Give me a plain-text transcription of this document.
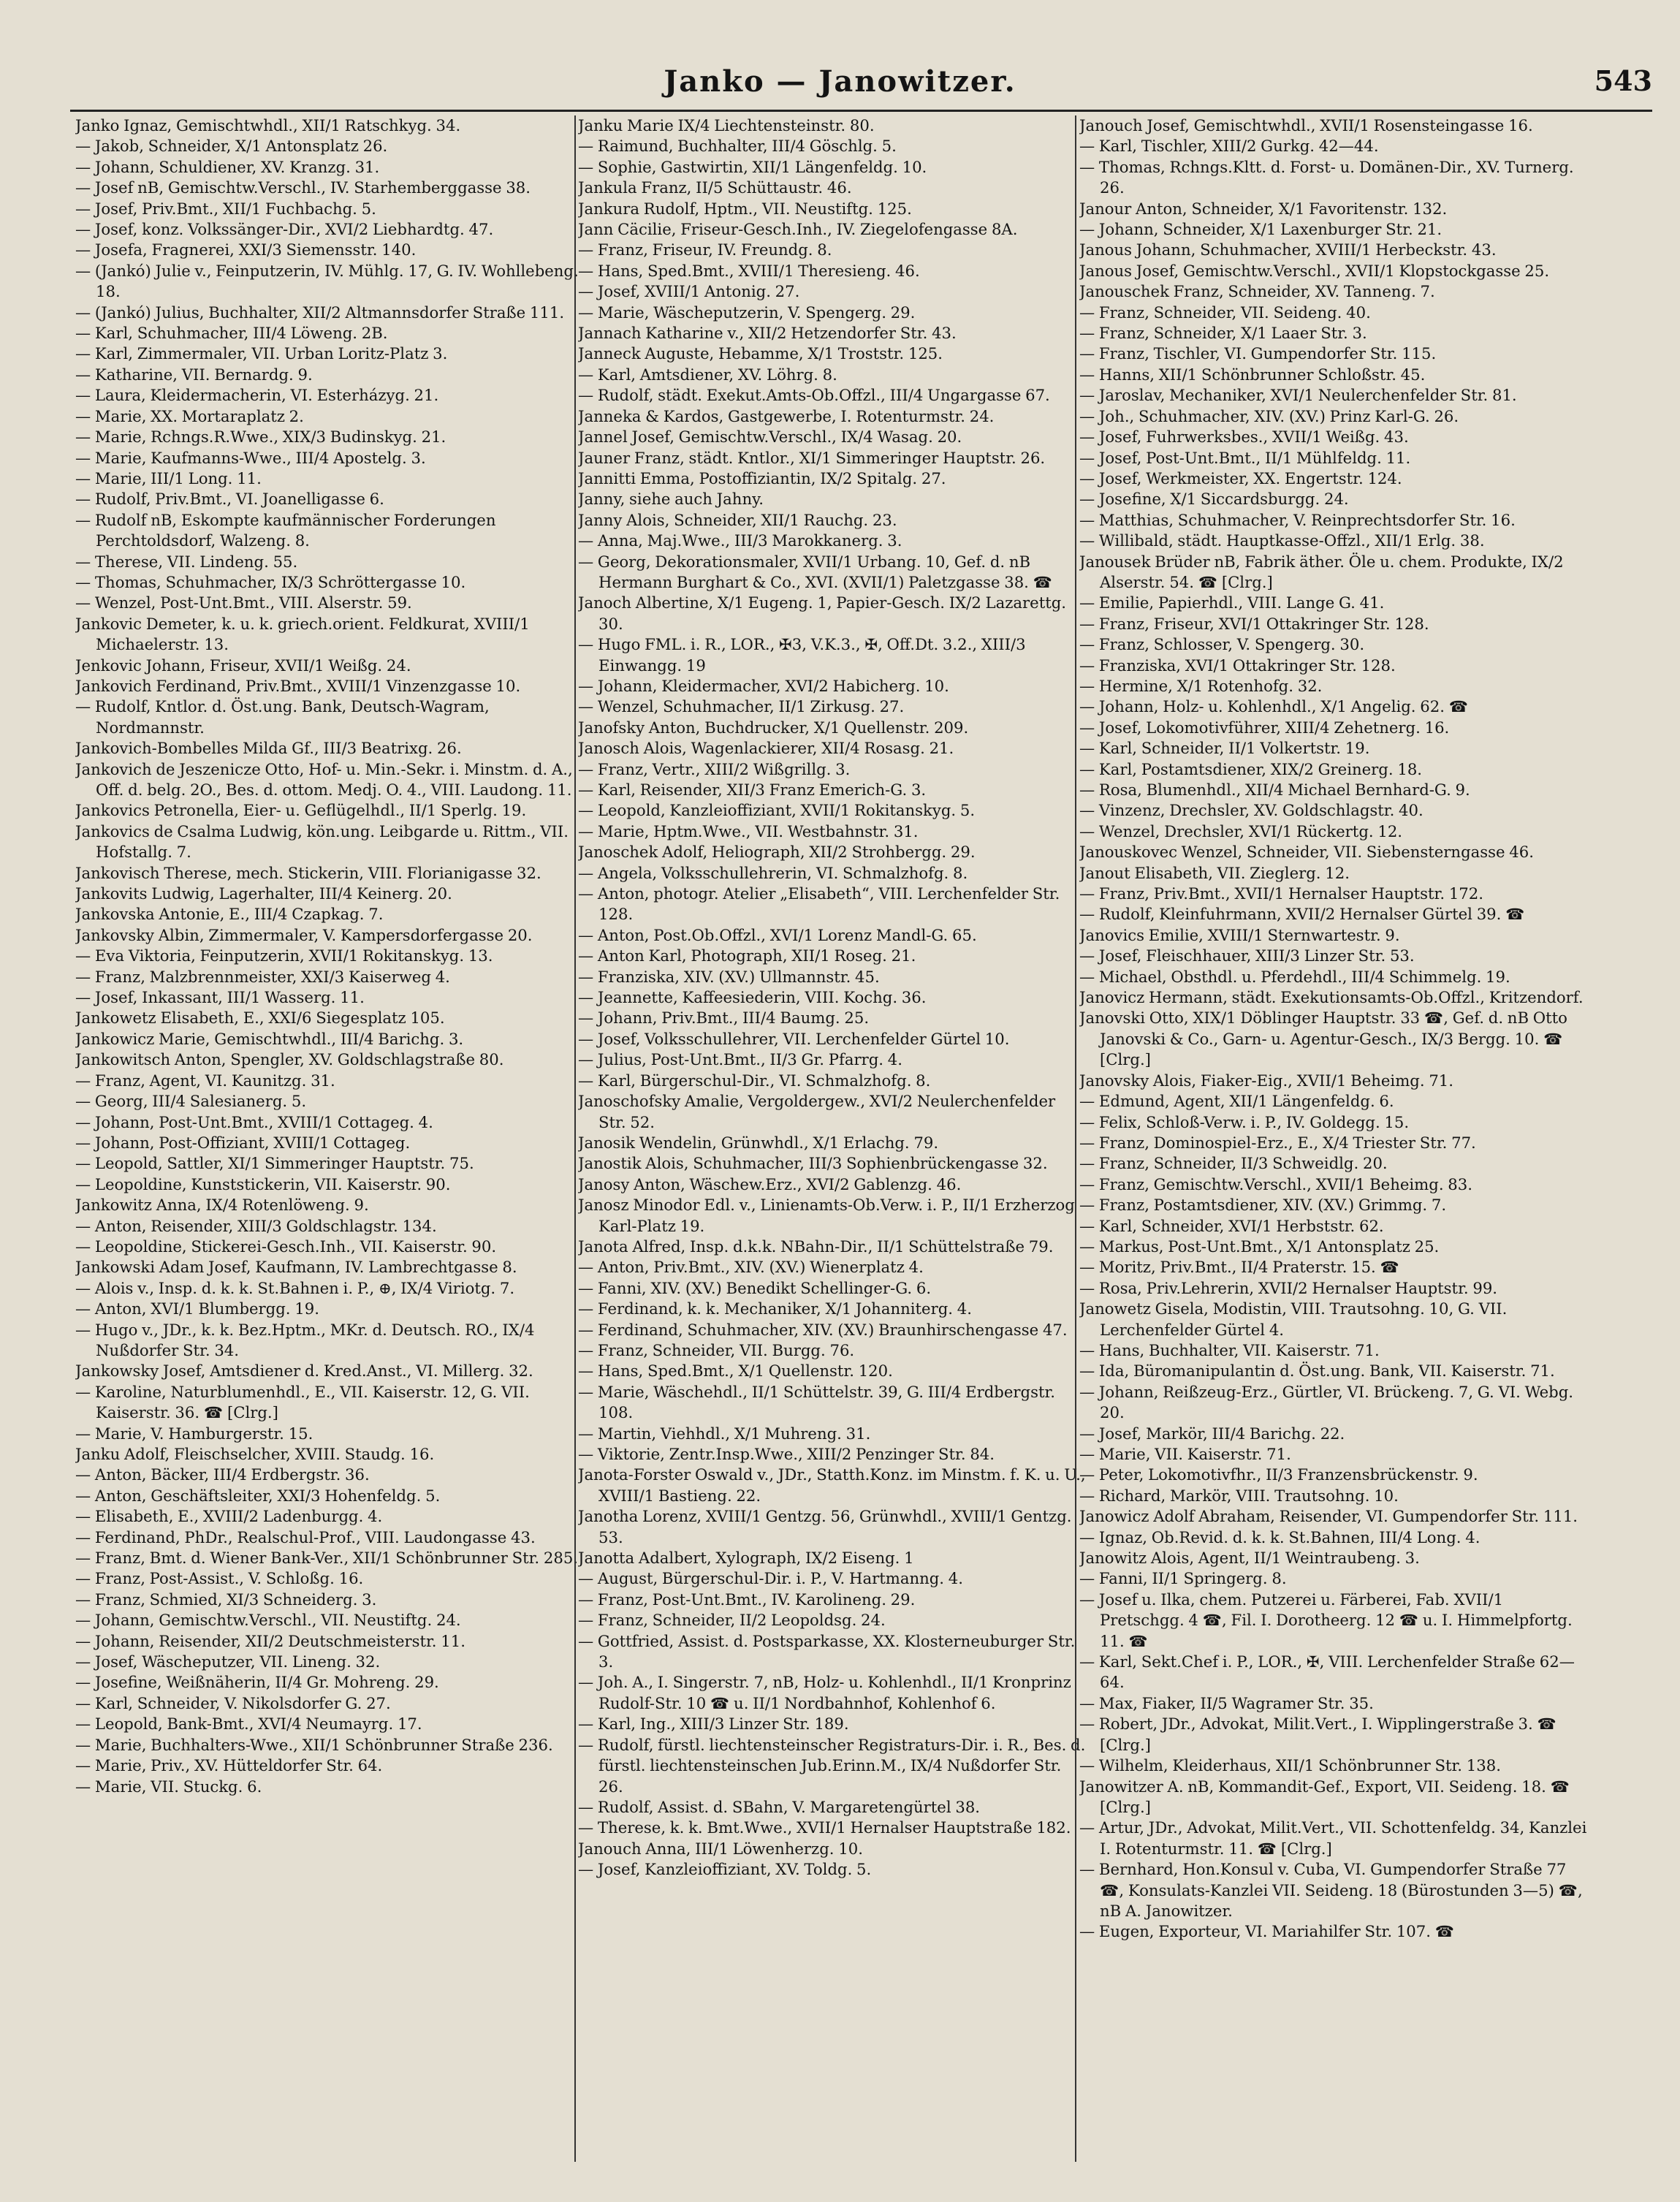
Janko — Janowitzer.	543

Janko Ignaz, Gemischtwhdl., XII/1 Ratschkyg. 34.

— Jakob, Schneider, X/1 Antonsplatz 26.

— Johann, Schuldiener, XV. Kranzg. 31.

— Josef nB, Gemischtw.Verschl., IV. Starhemberggasse 38.

— Josef, Priv.Bmt., XII/1 Fuchbachg. 5.

— Josef, konz. Volkssänger-Dir., XVI/2 Liebhardtg. 47.

— Josefa, Fragnerei, XXI/3 Siemensstr. 140.

— (Jankó) Julie v., Feinputzerin, IV. Mühlg. 17, G. IV. Wohllebeng. 18.

— (Jankó) Julius, Buchhalter, XII/2 Altmannsdorfer Straße 111.

— Karl, Schuhmacher, III/4 Löweng. 2B.

— Karl, Zimmermaler, VII. Urban Loritz-Platz 3.

— Katharine, VII. Bernardg. 9.

— Laura, Kleidermacherin, VI. Esterházyg. 21.

— Marie, XX. Mortaraplatz 2.

— Marie, Rchngs.R.Wwe., XIX/3 Budinskyg. 21.

— Marie, Kaufmanns-Wwe., III/4 Apostelg. 3.

— Marie, III/1 Long. 11.

— Rudolf, Priv.Bmt., VI. Joanelligasse 6.

— Rudolf nB, Eskompte kaufmännischer Forderungen Perchtoldsdorf, Walzeng. 8.

— Therese, VII. Lindeng. 55.

— Thomas, Schuhmacher, IX/3 Schröttergasse 10.

— Wenzel, Post-Unt.Bmt., VIII. Alserstr. 59.

Jankovic Demeter, k. u. k. griech.orient. Feldkurat, XVIII/1 Michaelerstr. 13.

Jenkovic Johann, Friseur, XVII/1 Weißg. 24.

Jankovich Ferdinand, Priv.Bmt., XVIII/1 Vinzenzgasse 10.

— Rudolf, Kntlor. d. Öst.ung. Bank, Deutsch-Wagram, Nordmannstr.

Jankovich-Bombelles Milda Gf., III/3 Beatrixg. 26.

Jankovich de Jeszenicze Otto, Hof- u. Min.-Sekr. i. Minstm. d. A., Off. d. belg. 2O., Bes. d. ottom. Medj. O. 4., VIII. Laudong. 11.

Jankovics Petronella, Eier- u. Geflügelhdl., II/1 Sperlg. 19.

Jankovics de Csalma Ludwig, kön.ung. Leibgarde u. Rittm., VII. Hofstallg. 7.

Jankovisch Therese, mech. Stickerin, VIII. Florianigasse 32.

Jankovits Ludwig, Lagerhalter, III/4 Keinerg. 20.

Jankovska Antonie, E., III/4 Czapkag. 7.

Jankovsky Albin, Zimmermaler, V. Kampersdorfergasse 20.

— Eva Viktoria, Feinputzerin, XVII/1 Rokitanskyg. 13.

— Franz, Malzbrennmeister, XXI/3 Kaiserweg 4.

— Josef, Inkassant, III/1 Wasserg. 11.

Jankowetz Elisabeth, E., XXI/6 Siegesplatz 105.

Jankowicz Marie, Gemischtwhdl., III/4 Barichg. 3.

Jankowitsch Anton, Spengler, XV. Goldschlagstraße 80.

— Franz, Agent, VI. Kaunitzg. 31.

— Georg, III/4 Salesianerg. 5.

— Johann, Post-Unt.Bmt., XVIII/1 Cottageg. 4.

— Johann, Post-Offiziant, XVIII/1 Cottageg.

— Leopold, Sattler, XI/1 Simmeringer Hauptstr. 75.

— Leopoldine, Kunststickerin, VII. Kaiserstr. 90.

Jankowitz Anna, IX/4 Rotenlöweng. 9.

— Anton, Reisender, XIII/3 Goldschlagstr. 134.

— Leopoldine, Stickerei-Gesch.Inh., VII. Kaiserstr. 90.

Jankowski Adam Josef, Kaufmann, IV. Lambrechtgasse 8.

— Alois v., Insp. d. k. k. St.Bahnen i. P., ⊕, IX/4 Viriotg. 7.

— Anton, XVI/1 Blumbergg. 19.

— Hugo v., JDr., k. k. Bez.Hptm., MKr. d. Deutsch. RO., IX/4 Nußdorfer Str. 34.

Jankowsky Josef, Amtsdiener d. Kred.Anst., VI. Millerg. 32.

— Karoline, Naturblumenhdl., E., VII. Kaiserstr. 12, G. VII. Kaiserstr. 36. ☎ [Clrg.]

— Marie, V. Hamburgerstr. 15.

Janku Adolf, Fleischselcher, XVIII. Staudg. 16.

— Anton, Bäcker, III/4 Erdbergstr. 36.

— Anton, Geschäftsleiter, XXI/3 Hohenfeldg. 5.

— Elisabeth, E., XVIII/2 Ladenburgg. 4.

— Ferdinand, PhDr., Realschul-Prof., VIII. Laudongasse 43.

— Franz, Bmt. d. Wiener Bank-Ver., XII/1 Schönbrunner Str. 285.

— Franz, Post-Assist., V. Schloßg. 16.

— Franz, Schmied, XI/3 Schneiderg. 3.

— Johann, Gemischtw.Verschl., VII. Neustiftg. 24.

— Johann, Reisender, XII/2 Deutschmeisterstr. 11.

— Josef, Wäscheputzer, VII. Lineng. 32.

— Josefine, Weißnäherin, II/4 Gr. Mohreng. 29.

— Karl, Schneider, V. Nikolsdorfer G. 27.

— Leopold, Bank-Bmt., XVI/4 Neumayrg. 17.

— Marie, Buchhalters-Wwe., XII/1 Schönbrunner Straße 236.

— Marie, Priv., XV. Hütteldorfer Str. 64.

— Marie, VII. Stuckg. 6.

Janku Marie IX/4 Liechtensteinstr. 80.

— Raimund, Buchhalter, III/4 Göschlg. 5.

— Sophie, Gastwirtin, XII/1 Längenfeldg. 10.

Jankula Franz, II/5 Schüttaustr. 46.

Jankura Rudolf, Hptm., VII. Neustiftg. 125.

Jann Cäcilie, Friseur-Gesch.Inh., IV. Ziegelofengasse 8A.

— Franz, Friseur, IV. Freundg. 8.

— Hans, Sped.Bmt., XVIII/1 Theresieng. 46.

— Josef, XVIII/1 Antonig. 27.

— Marie, Wäscheputzerin, V. Spengerg. 29.

Jannach Katharine v., XII/2 Hetzendorfer Str. 43.

Janneck Auguste, Hebamme, X/1 Troststr. 125.

— Karl, Amtsdiener, XV. Löhrg. 8.

— Rudolf, städt. Exekut.Amts-Ob.Offzl., III/4 Ungargasse 67.

Janneka & Kardos, Gastgewerbe, I. Rotenturmstr. 24.

Jannel Josef, Gemischtw.Verschl., IX/4 Wasag. 20.

Jauner Franz, städt. Kntlor., XI/1 Simmeringer Hauptstr. 26.

Jannitti Emma, Postoffiziantin, IX/2 Spitalg. 27.

Janny, siehe auch Jahny.

Janny Alois, Schneider, XII/1 Rauchg. 23.

— Anna, Maj.Wwe., III/3 Marokkanerg. 3.

— Georg, Dekorationsmaler, XVII/1 Urbang. 10, Gef. d. nB Hermann Burghart & Co., XVI. (XVII/1) Paletzgasse 38. ☎

Janoch Albertine, X/1 Eugeng. 1, Papier-Gesch. IX/2 Lazarettg. 30.

— Hugo FML. i. R., LOR., ✠3, V.K.3., ✠, Off.Dt. 3.2., XIII/3 Einwangg. 19

— Johann, Kleidermacher, XVI/2 Habicherg. 10.

— Wenzel, Schuhmacher, II/1 Zirkusg. 27.

Janofsky Anton, Buchdrucker, X/1 Quellenstr. 209.

Janosch Alois, Wagenlackierer, XII/4 Rosasg. 21.

— Franz, Vertr., XIII/2 Wißgrillg. 3.

— Karl, Reisender, XII/3 Franz Emerich-G. 3.

— Leopold, Kanzleioffiziant, XVII/1 Rokitanskyg. 5.

— Marie, Hptm.Wwe., VII. Westbahnstr. 31.

Janoschek Adolf, Heliograph, XII/2 Strohbergg. 29.

— Angela, Volksschullehrerin, VI. Schmalzhofg. 8.

— Anton, photogr. Atelier „Elisabeth“, VIII. Lerchenfelder Str. 128.

— Anton, Post.Ob.Offzl., XVI/1 Lorenz Mandl-G. 65.

— Anton Karl, Photograph, XII/1 Roseg. 21.

— Franziska, XIV. (XV.) Ullmannstr. 45.

— Jeannette, Kaffeesiederin, VIII. Kochg. 36.

— Johann, Priv.Bmt., III/4 Baumg. 25.

— Josef, Volksschullehrer, VII. Lerchenfelder Gürtel 10.

— Julius, Post-Unt.Bmt., II/3 Gr. Pfarrg. 4.

— Karl, Bürgerschul-Dir., VI. Schmalzhofg. 8.

Janoschofsky Amalie, Vergoldergew., XVI/2 Neulerchenfelder Str. 52.

Janosik Wendelin, Grünwhdl., X/1 Erlachg. 79.

Janostik Alois, Schuhmacher, III/3 Sophienbrückengasse 32.

Janosy Anton, Wäschew.Erz., XVI/2 Gablenzg. 46.

Janosz Minodor Edl. v., Linienamts-Ob.Verw. i. P., II/1 Erzherzog Karl-Platz 19.

Janota Alfred, Insp. d.k.k. NBahn-Dir., II/1 Schüttelstraße 79.

— Anton, Priv.Bmt., XIV. (XV.) Wienerplatz 4.

— Fanni, XIV. (XV.) Benedikt Schellinger-G. 6.

— Ferdinand, k. k. Mechaniker, X/1 Johanniterg. 4.

— Ferdinand, Schuhmacher, XIV. (XV.) Braunhirschengasse 47.

— Franz, Schneider, VII. Burgg. 76.

— Hans, Sped.Bmt., X/1 Quellenstr. 120.

— Marie, Wäschehdl., II/1 Schüttelstr. 39, G. III/4 Erdbergstr. 108.

— Martin, Viehhdl., X/1 Muhreng. 31.

— Viktorie, Zentr.Insp.Wwe., XIII/2 Penzinger Str. 84.

Janota-Forster Oswald v., JDr., Statth.Konz. im Minstm. f. K. u. U., XVIII/1 Bastieng. 22.

Janotha Lorenz, XVIII/1 Gentzg. 56, Grünwhdl., XVIII/1 Gentzg. 53.

Janotta Adalbert, Xylograph, IX/2 Eiseng. 1

— August, Bürgerschul-Dir. i. P., V. Hartmanng. 4.

— Franz, Post-Unt.Bmt., IV. Karolineng. 29.

— Franz, Schneider, II/2 Leopoldsg. 24.

— Gottfried, Assist. d. Postsparkasse, XX. Klosterneuburger Str. 3.

— Joh. A., I. Singerstr. 7, nB, Holz- u. Kohlenhdl., II/1 Kronprinz Rudolf-Str. 10 ☎ u. II/1 Nordbahnhof, Kohlenhof 6.

— Karl, Ing., XIII/3 Linzer Str. 189.

— Rudolf, fürstl. liechtensteinscher Registraturs-Dir. i. R., Bes. d. fürstl. liechtensteinschen Jub.Erinn.M., IX/4 Nußdorfer Str. 26.

— Rudolf, Assist. d. SBahn, V. Margaretengürtel 38.

— Therese, k. k. Bmt.Wwe., XVII/1 Hernalser Hauptstraße 182.

Janouch Anna, III/1 Löwenherzg. 10.

— Josef, Kanzleioffiziant, XV. Toldg. 5.

Janouch Josef, Gemischtwhdl., XVII/1 Rosensteingasse 16.

— Karl, Tischler, XIII/2 Gurkg. 42—44.

— Thomas, Rchngs.Kltt. d. Forst- u. Domänen-Dir., XV. Turnerg. 26.

Janour Anton, Schneider, X/1 Favoritenstr. 132.

— Johann, Schneider, X/1 Laxenburger Str. 21.

Janous Johann, Schuhmacher, XVIII/1 Herbeckstr. 43.

Janous Josef, Gemischtw.Verschl., XVII/1 Klopstockgasse 25.

Janouschek Franz, Schneider, XV. Tanneng. 7.

— Franz, Schneider, VII. Seideng. 40.

— Franz, Schneider, X/1 Laaer Str. 3.

— Franz, Tischler, VI. Gumpendorfer Str. 115.

— Hanns, XII/1 Schönbrunner Schloßstr. 45.

— Jaroslav, Mechaniker, XVI/1 Neulerchenfelder Str. 81.

— Joh., Schuhmacher, XIV. (XV.) Prinz Karl-G. 26.

— Josef, Fuhrwerksbes., XVII/1 Weißg. 43.

— Josef, Post-Unt.Bmt., II/1 Mühlfeldg. 11.

— Josef, Werkmeister, XX. Engertstr. 124.

— Josefine, X/1 Siccardsburgg. 24.

— Matthias, Schuhmacher, V. Reinprechtsdorfer Str. 16.

— Willibald, städt. Hauptkasse-Offzl., XII/1 Erlg. 38.

Janousek Brüder nB, Fabrik äther. Öle u. chem. Produkte, IX/2 Alserstr. 54. ☎ [Clrg.]

— Emilie, Papierhdl., VIII. Lange G. 41.

— Franz, Friseur, XVI/1 Ottakringer Str. 128.

— Franz, Schlosser, V. Spengerg. 30.

— Franziska, XVI/1 Ottakringer Str. 128.

— Hermine, X/1 Rotenhofg. 32.

— Johann, Holz- u. Kohlenhdl., X/1 Angelig. 62. ☎

— Josef, Lokomotivführer, XIII/4 Zehetnerg. 16.

— Karl, Schneider, II/1 Volkertstr. 19.

— Karl, Postamtsdiener, XIX/2 Greinerg. 18.

— Rosa, Blumenhdl., XII/4 Michael Bernhard-G. 9.

— Vinzenz, Drechsler, XV. Goldschlagstr. 40.

— Wenzel, Drechsler, XVI/1 Rückertg. 12.

Janouskovec Wenzel, Schneider, VII. Siebensterngasse 46.

Janout Elisabeth, VII. Zieglerg. 12.

— Franz, Priv.Bmt., XVII/1 Hernalser Hauptstr. 172.

— Rudolf, Kleinfuhrmann, XVII/2 Hernalser Gürtel 39. ☎

Janovics Emilie, XVIII/1 Sternwartestr. 9.

— Josef, Fleischhauer, XIII/3 Linzer Str. 53.

— Michael, Obsthdl. u. Pferdehdl., III/4 Schimmelg. 19.

Janovicz Hermann, städt. Exekutionsamts-Ob.Offzl., Kritzendorf.

Janovski Otto, XIX/1 Döblinger Hauptstr. 33 ☎, Gef. d. nB Otto Janovski & Co., Garn- u. Agentur-Gesch., IX/3 Bergg. 10. ☎ [Clrg.]

Janovsky Alois, Fiaker-Eig., XVII/1 Beheimg. 71.

— Edmund, Agent, XII/1 Längenfeldg. 6.

— Felix, Schloß-Verw. i. P., IV. Goldegg. 15.

— Franz, Dominospiel-Erz., E., X/4 Triester Str. 77.

— Franz, Schneider, II/3 Schweidlg. 20.

— Franz, Gemischtw.Verschl., XVII/1 Beheimg. 83.

— Franz, Postamtsdiener, XIV. (XV.) Grimmg. 7.

— Karl, Schneider, XVI/1 Herbststr. 62.

— Markus, Post-Unt.Bmt., X/1 Antonsplatz 25.

— Moritz, Priv.Bmt., II/4 Praterstr. 15. ☎

— Rosa, Priv.Lehrerin, XVII/2 Hernalser Hauptstr. 99.

Janowetz Gisela, Modistin, VIII. Trautsohng. 10, G. VII. Lerchenfelder Gürtel 4.

— Hans, Buchhalter, VII. Kaiserstr. 71.

— Ida, Büromanipulantin d. Öst.ung. Bank, VII. Kaiserstr. 71.

— Johann, Reißzeug-Erz., Gürtler, VI. Brückeng. 7, G. VI. Webg. 20.

— Josef, Markör, III/4 Barichg. 22.

— Marie, VII. Kaiserstr. 71.

— Peter, Lokomotivfhr., II/3 Franzensbrückenstr. 9.

— Richard, Markör, VIII. Trautsohng. 10.

Janowicz Adolf Abraham, Reisender, VI. Gumpendorfer Str. 111.

— Ignaz, Ob.Revid. d. k. k. St.Bahnen, III/4 Long. 4.

Janowitz Alois, Agent, II/1 Weintraubeng. 3.

— Fanni, II/1 Springerg. 8.

— Josef u. Ilka, chem. Putzerei u. Färberei, Fab. XVII/1 Pretschgg. 4 ☎, Fil. I. Dorotheerg. 12 ☎ u. I. Himmelpfortg. 11. ☎

— Karl, Sekt.Chef i. P., LOR., ✠, VIII. Lerchenfelder Straße 62—64.

— Max, Fiaker, II/5 Wagramer Str. 35.

— Robert, JDr., Advokat, Milit.Vert., I. Wipplingerstraße 3. ☎ [Clrg.]

— Wilhelm, Kleiderhaus, XII/1 Schönbrunner Str. 138.

Janowitzer A. nB, Kommandit-Gef., Export, VII. Seideng. 18. ☎ [Clrg.]

— Artur, JDr., Advokat, Milit.Vert., VII. Schottenfeldg. 34, Kanzlei I. Rotenturmstr. 11. ☎ [Clrg.]

— Bernhard, Hon.Konsul v. Cuba, VI. Gumpendorfer Straße 77 ☎, Konsulats-Kanzlei VII. Seideng. 18 (Bürostunden 3—5) ☎, nB A. Janowitzer.

— Eugen, Exporteur, VI. Mariahilfer Str. 107. ☎
